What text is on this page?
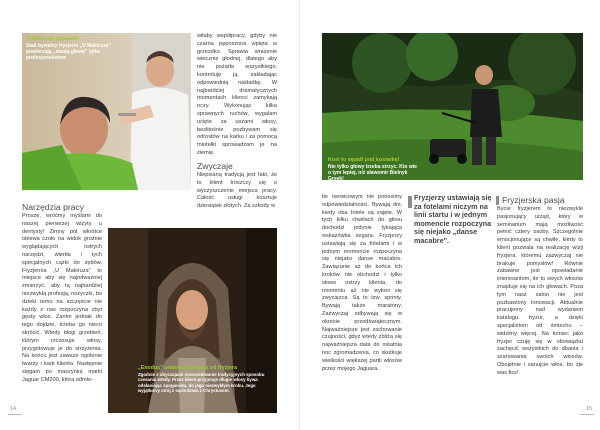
Trzeba coś poprawić
Stali bywalcy fryzjerni „U Makiruza" powierzają „swoją głowę" tylko profesjonalistom
Narzędzia pracy

Proszę, wróćmy myślami do naszej pierwszej wizyty u dentysty! Zimny pot wkrótce oblewa czoło na widok groźnie wyglądających ostrych narzędzi, wiertła i tych specjalnych cążki do zębów. Fryzjernia „U Makiruza" to miejsce aby się najodważniej zmierzyć, aby tą najbardziej niezwykłą profesją, nożyczki, bo dzieki temu na szczęście nie każdy z nas rozpoczyna zbyt gęsty wlos. Zanim jednak do tego dojdzie, trzeba go nieco skrócić. Wtedy błogi grzebień, którym rzczesuje włosy, przygotowuje je do strzyżenia. Na końcu jest zawsze ogolenie twarzy i kark klienta. Następnie sięgam po maszynkę marki Jaguar CM200, która odmło-

wiłaby współpracy, gdyby nie czarna pęposzona wpięta w grzezdko. Sprawia wrażenie wiecznie głodnej, dlatego aby nie pożarła wszystkiego, kontroluję ją, zakładając odpowiednią nakładkę. W najbardziej dramatycznych momentach klienci zamykają oczy. Wykonując kilka sprawnych ruchów, wygalam ucięte za uszami włosy, bezlitośnie pozbywam się odrostów na karku i za pomocą miotełki sprowadzam je na ziemię.

Zwyczaje

Niepisaną tradycją jest fakt, że to klient troszczy się o wyczyszczenie miejsca pracy. Całość usługi kosztuje dziesiątek złotych. Za szkody w

„Exodus" uratował chłopca od fryzjera
Zgodnie z obyczajami nieoczekiwanie tradycyjnych sposobu czesania wtedy. Przez klient przyjmuje długie włosy bywa odsłaniając spoganiała, do jego niezwykłym kroku. Jego wyjątkowy strój z sąsiedztwa z Chrystusem.
14
Kosi tu wpadł pod kosiarkę!
Nie tylko głowy trzeba strzyc. Kto wie o tym lepiej, niż sławomir Bielnyk Greek!

tle nerwicowym nie ponosimy odpowiedzialności. Bywają dni, kiedy oba fotele są zajęte. W tych kilku chwilach do głosu dochodzi jedynie tykająca wskazówka zegara. Fryzjerzy ustawiają się za fotelami i w jednym momencie rozpoczyna się niejako danse macabre. Zawiązanie aż do końca ich kroków nie obchodzi i tylko słowo ostrzy klienta, do momentu aż nie wyłoni się zwycięzca. Są to tzw. sprinty. Bywają także maratony. Zazwyczaj odbywają się w okresie przedświątecznym. Najwaźniejsze jest zachowanie czujności, gdyż wtedy zbliża się najważniejsza data do ostatnia noc zgromadzenia, co skutkuje wielkości większej partii włosów przez mojego Jaguara.

Fryzjerzy ustawiają się za fotelami niczym na linii startu i w jednym momencie rozpoczyna się niejako „danse macabre".
Fryzjerska pasja

Bycie fryzjerem to niezwykle pasjonujący urząd, który w seminarium mają możliwość pełnić cztery osoby. Szczególnie emocjonujące są chwile, kiedy to klient pozwala na realizację wizji fryzjera, któremu zazwyczaj nie brakuje pomysłów! Równie zabawne jest opowiadanie interesantom, ile to swych włosów znajduje się na ich głowach. Poza tym nasz salon nie jest pozbawiony innowacji. Aktualnie pracujemy nad wydaniem katalogu fryzur, a dzięki specjalistom od śmiechu – widzimy więcej. Na koniec jako fryzjer czuję się w obowiązku zachęcić wszystkich do dbania i szanowania swoich włosów. Obojętnie i sanujcie włos, bo zje was fiss!

15
